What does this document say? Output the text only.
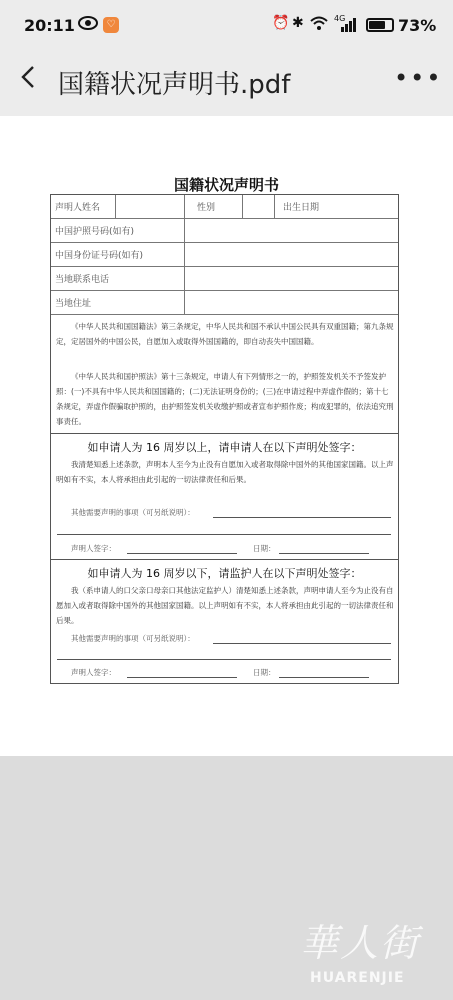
20:11	♡	⏰ ✱	4G	73%
国籍状况声明书.pdf	•••
国籍状况声明书
声明人姓名	性别	出生日期
中国护照号码(如有)
中国身份证号码(如有)
当地联系电话
当地住址
《中华人民共和国国籍法》第三条规定，中华人民共和国不承认中国公民具有双重国籍；第九条规定，定居国外的中国公民，自愿加入或取得外国国籍的，即自动丧失中国国籍。
《中华人民共和国护照法》第十三条规定，申请人有下列情形之一的，护照签发机关不予签发护照：(一)不具有中华人民共和国国籍的；(二)无法证明身份的；(三)在申请过程中弄虚作假的；第十七条规定，弄虚作假骗取护照的，由护照签发机关收缴护照或者宣布护照作废；构成犯罪的，依法追究刑事责任。
如申请人为 16 周岁以上，请申请人在以下声明处签字：
我清楚知悉上述条款，声明本人至今为止没有自愿加入或者取得除中国外的其他国家国籍。以上声明如有不实，本人将承担由此引起的一切法律责任和后果。
其他需要声明的事项（可另纸说明）：
声明人签字：	日期：
如申请人为 16 周岁以下，请监护人在以下声明处签字：
我（系申请人的口父亲口母亲口其他法定监护人）清楚知悉上述条款，声明申请人至今为止没有自愿加入或者取得除中国外的其他国家国籍。以上声明如有不实，本人将承担由此引起的一切法律责任和后果。
其他需要声明的事项（可另纸说明）：
声明人签字：	日期：
華人街
HUARENJIE
